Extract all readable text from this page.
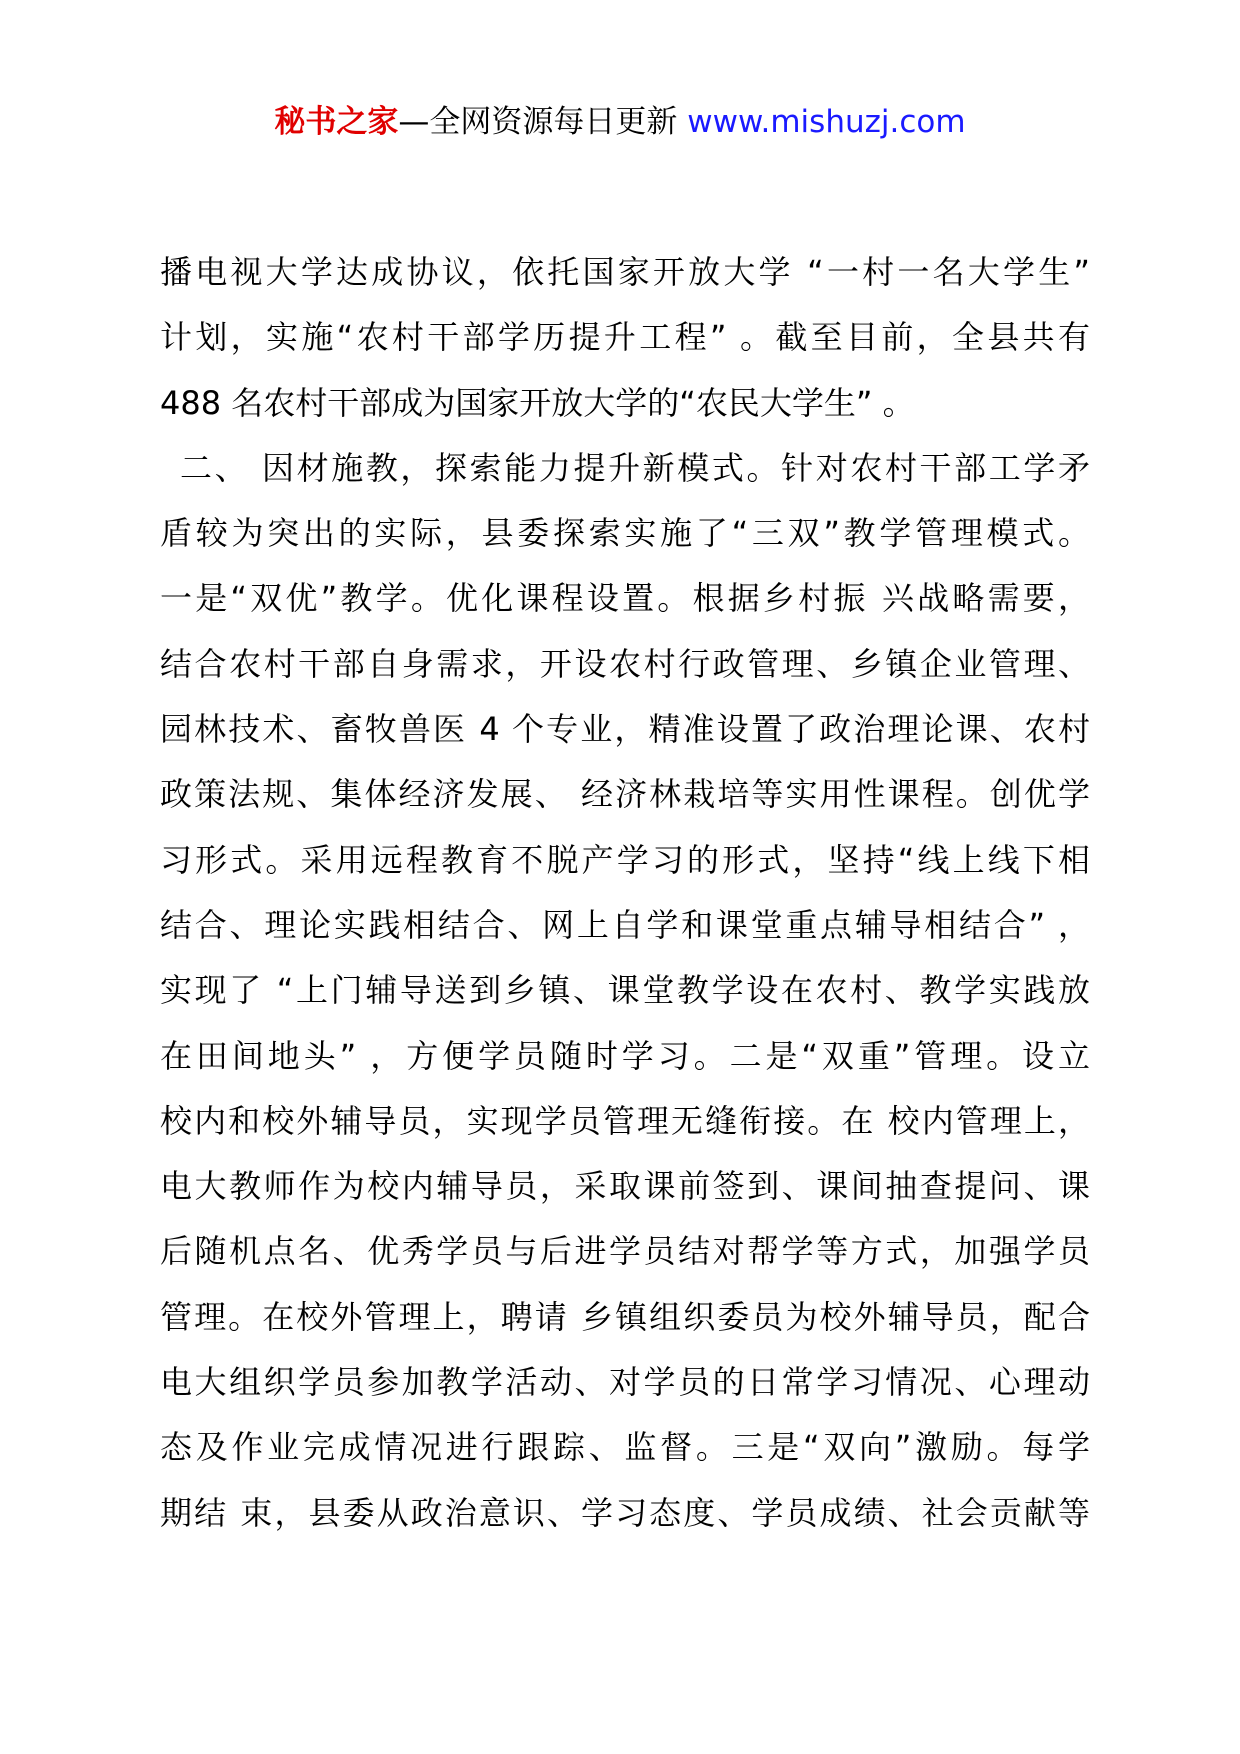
秘书之家—全网资源每日更新 www.mishuzj.com
播电视大学达成协议，依托国家开放大学 “一村一名大学生”
计划，实施“农村干部学历提升工程” 。截至目前，全县共有
488 名农村干部成为国家开放大学的“农民大学生” 。
二、 因材施教，探索能力提升新模式。针对农村干部工学矛
盾较为突出的实际，县委探索实施了“三双”教学管理模式。
一是“双优”教学。优化课程设置。根据乡村振 兴战略需要，
结合农村干部自身需求，开设农村行政管理、乡镇企业管理、
园林技术、畜牧兽医 4 个专业，精准设置了政治理论课、农村
政策法规、集体经济发展、 经济林栽培等实用性课程。创优学
习形式。采用远程教育不脱产学习的形式，坚持“线上线下相
结合、理论实践相结合、网上自学和课堂重点辅导相结合” ，
实现了 “上门辅导送到乡镇、课堂教学设在农村、教学实践放
在田间地头” ，方便学员随时学习。二是“双重”管理。设立
校内和校外辅导员，实现学员管理无缝衔接。在 校内管理上，
电大教师作为校内辅导员，采取课前签到、课间抽查提问、课
后随机点名、优秀学员与后进学员结对帮学等方式，加强学员
管理。在校外管理上，聘请 乡镇组织委员为校外辅导员，配合
电大组织学员参加教学活动、对学员的日常学习情况、心理动
态及作业完成情况进行跟踪、监督。三是“双向”激励。每学
期结 束，县委从政治意识、学习态度、学员成绩、社会贡献等
